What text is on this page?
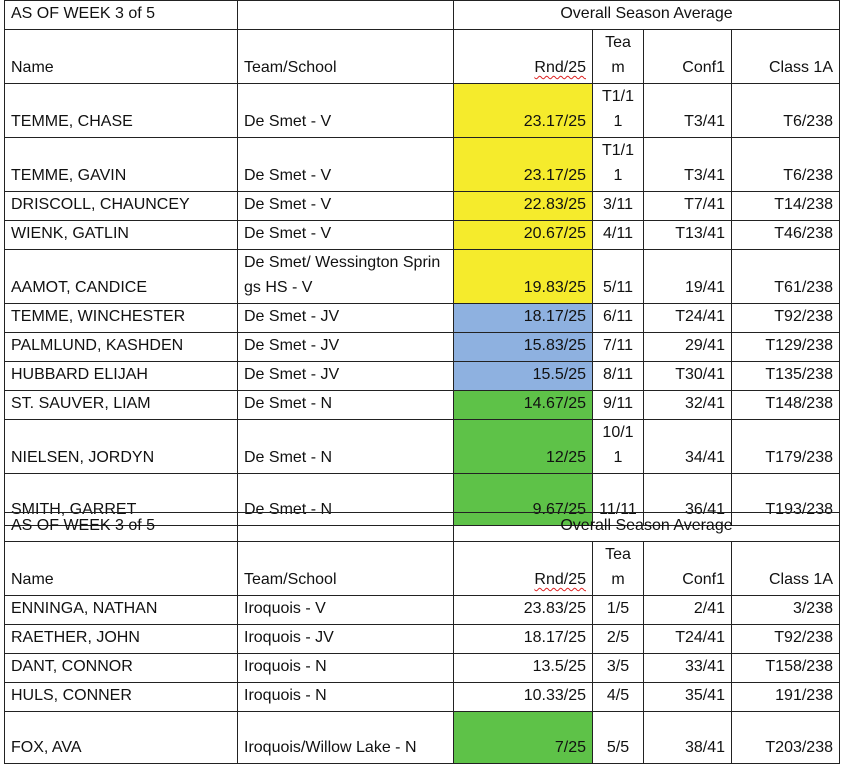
AS OF WEEK 3 of 5		Overall Season Average			
Name	Team/School	Rnd/25	Team	Conf1	Class 1A
TEMME, CHASE	De Smet - V	23.17/25	T1/11	T3/41	T6/238
TEMME, GAVIN	De Smet - V	23.17/25	T1/11	T3/41	T6/238
DRISCOLL, CHAUNCEY	De Smet - V	22.83/25	3/11	T7/41	T14/238
WIENK, GATLIN	De Smet - V	20.67/25	4/11	T13/41	T46/238
AAMOT, CANDICE	De Smet/ Wessington Springs HS - V	19.83/25	5/11	19/41	T61/238
TEMME, WINCHESTER	De Smet - JV	18.17/25	6/11	T24/41	T92/238
PALMLUND, KASHDEN	De Smet - JV	15.83/25	7/11	29/41	T129/238
HUBBARD ELIJAH	De Smet - JV	15.5/25	8/11	T30/41	T135/238
ST. SAUVER, LIAM	De Smet - N	14.67/25	9/11	32/41	T148/238
NIELSEN, JORDYN	De Smet - N	12/25	10/11	34/41	T179/238
SMITH, GARRET	De Smet - N	9.67/25	11/11	36/41	T193/238
AS OF WEEK 3 of 5		Overall Season Average			
Name	Team/School	Rnd/25	Team	Conf1	Class 1A
ENNINGA, NATHAN	Iroquois - V	23.83/25	1/5	2/41	3/238
RAETHER, JOHN	Iroquois - JV	18.17/25	2/5	T24/41	T92/238
DANT, CONNOR	Iroquois - N	13.5/25	3/5	33/41	T158/238
HULS, CONNER	Iroquois - N	10.33/25	4/5	35/41	191/238
FOX, AVA	Iroquois/Willow Lake - N	7/25	5/5	38/41	T203/238
